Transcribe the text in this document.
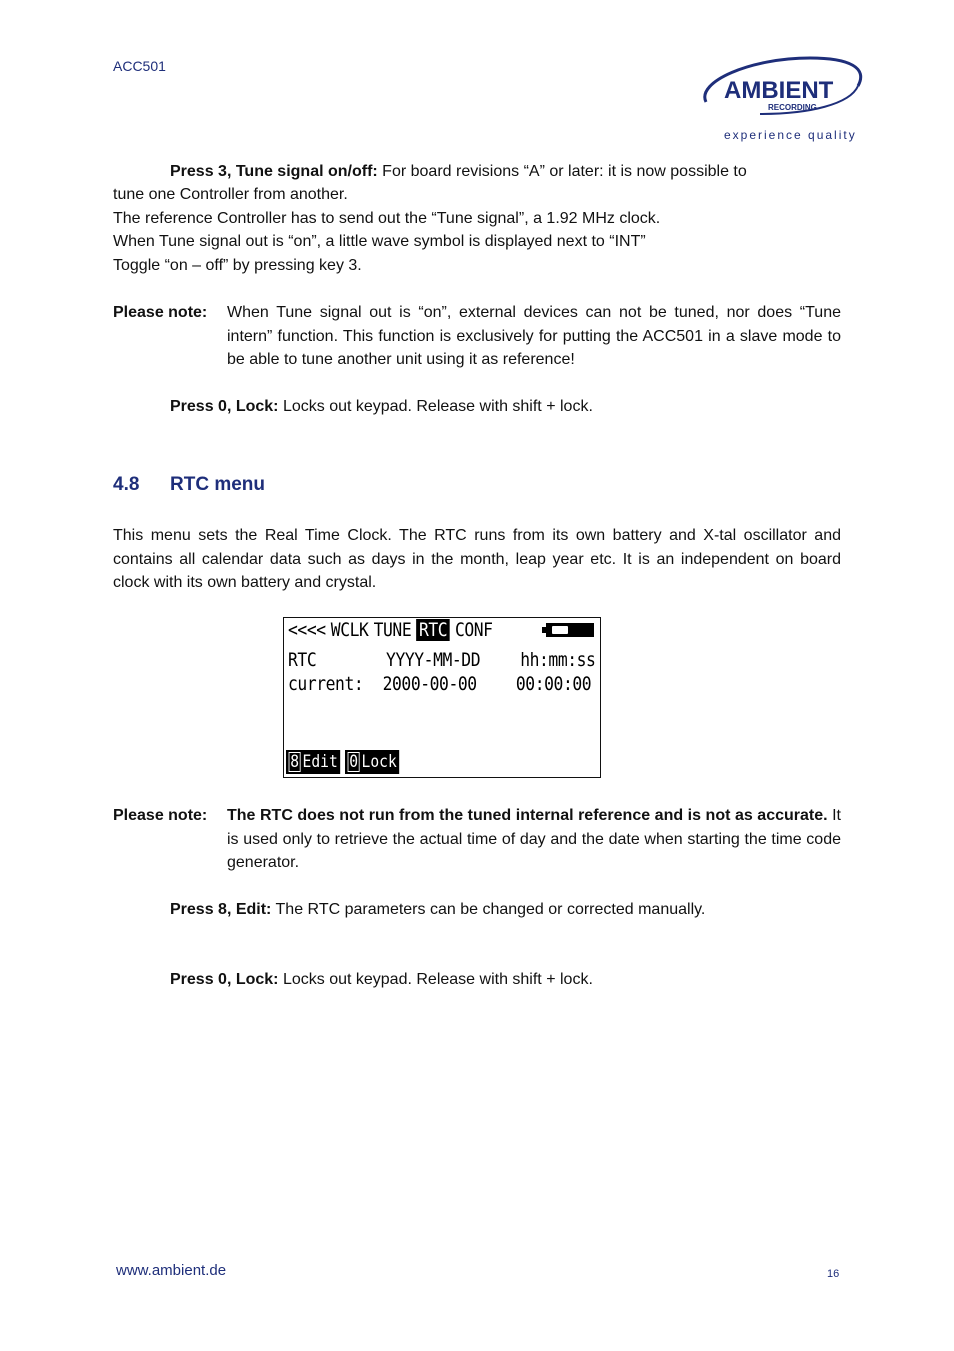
ACC501
AMBIENT
RECORDING
experience quality
Press 3, Tune signal on/off: For board revisions “A” or later: it is now possible to
tune one Controller from another.
The reference Controller has to send out the “Tune signal”, a 1.92 MHz clock.
When Tune signal out is “on”, a little wave symbol is displayed next to “INT”
Toggle “on – off” by pressing key 3.
Please note: When Tune signal out is “on”, external devices can not be tuned, nor does “Tune intern” function. This function is exclusively for putting the ACC501 in a slave mode to be able to tune another unit using it as reference!
Press 0, Lock: Locks out keypad. Release with shift + lock.
4.8 RTC menu
This menu sets the Real Time Clock. The RTC runs from its own battery and X-tal oscillator and contains all calendar data such as days in the month, leap year etc. It is an independent on board clock with its own battery and crystal.
<<<< WCLK TUNE RTC CONF
RTC	YYYY-MM-DD hh:mm:ss
current: 2000-00-00 00:00:00
8 Edit 0 Lock
Please note: The RTC does not run from the tuned internal reference and is not as accurate. It is used only to retrieve the actual time of day and the date when starting the time code generator.
Press 8, Edit: The RTC parameters can be changed or corrected manually.
Press 0, Lock: Locks out keypad. Release with shift + lock.
www.ambient.de	16
